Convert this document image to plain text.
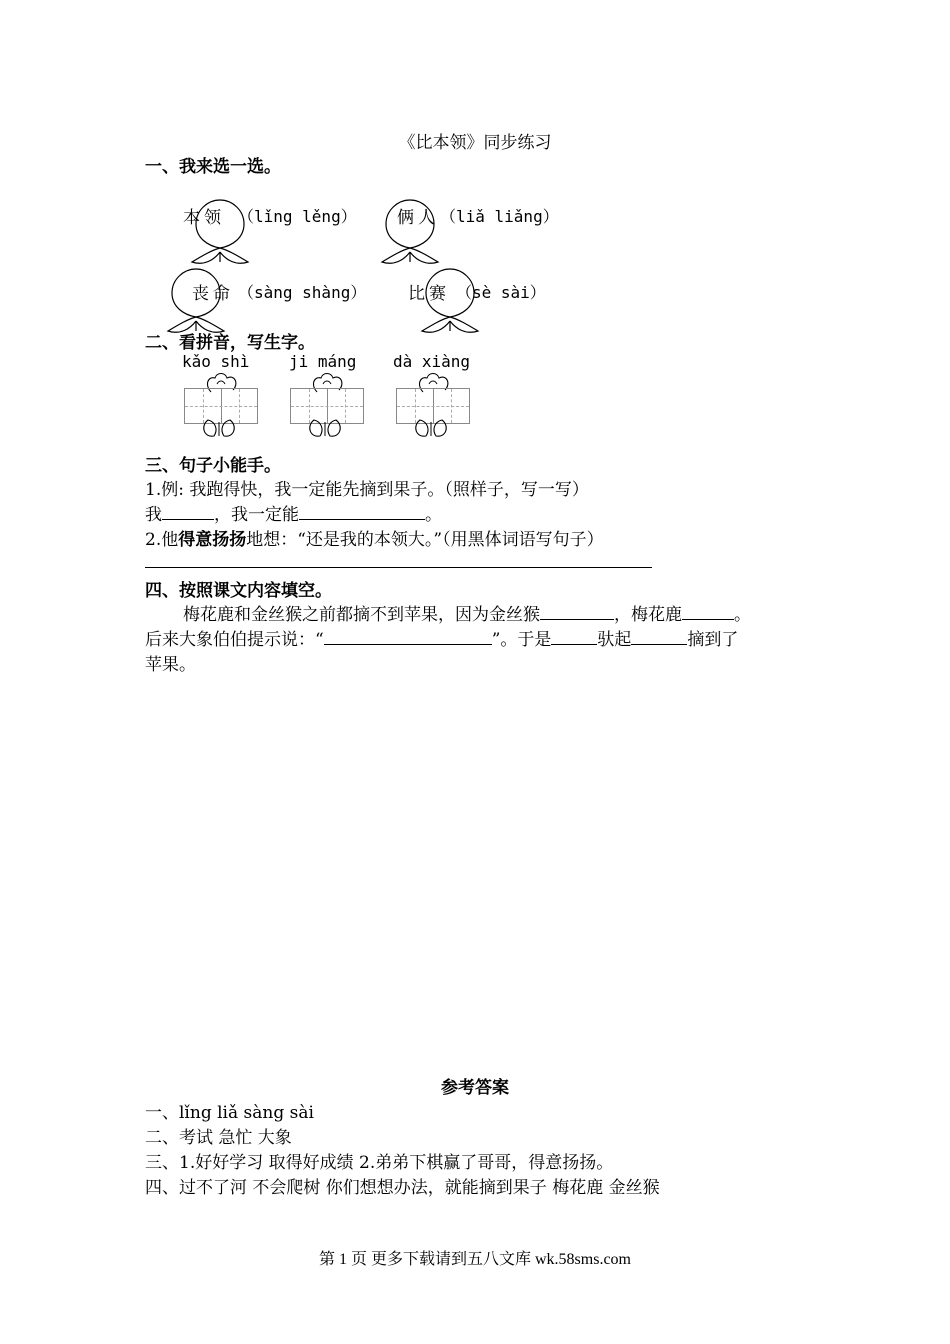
《比本领》同步练习
一、我来选一选。
本领 （lǐng lěng） 俩人 （liǎ liǎng）
丧命 （sàng shàng） 比赛 （sè sài）
二、看拼音，写生字。
kǎo shì ji máng dà xiàng
三、句子小能手。
1.例: 我跑得快，我一定能先摘到果子。（照样子，写一写）
我	，我一定能	。
2.他得意扬扬地想：“还是我的本领大。”（用黑体词语写句子）
四、按照课文内容填空。
梅花鹿和金丝猴之前都摘不到苹果，因为金丝猴	，梅花鹿	。
后来大象伯伯提示说：“	”。于是	驮起	摘到了
苹果。
参考答案
一、lǐng liǎ sàng sài
二、考试 急忙 大象
三、1.好好学习 取得好成绩 2.弟弟下棋赢了哥哥，得意扬扬。
四、过不了河 不会爬树 你们想想办法，就能摘到果子 梅花鹿 金丝猴
第 1 页 更多下载请到五八文库 wk.58sms.com
